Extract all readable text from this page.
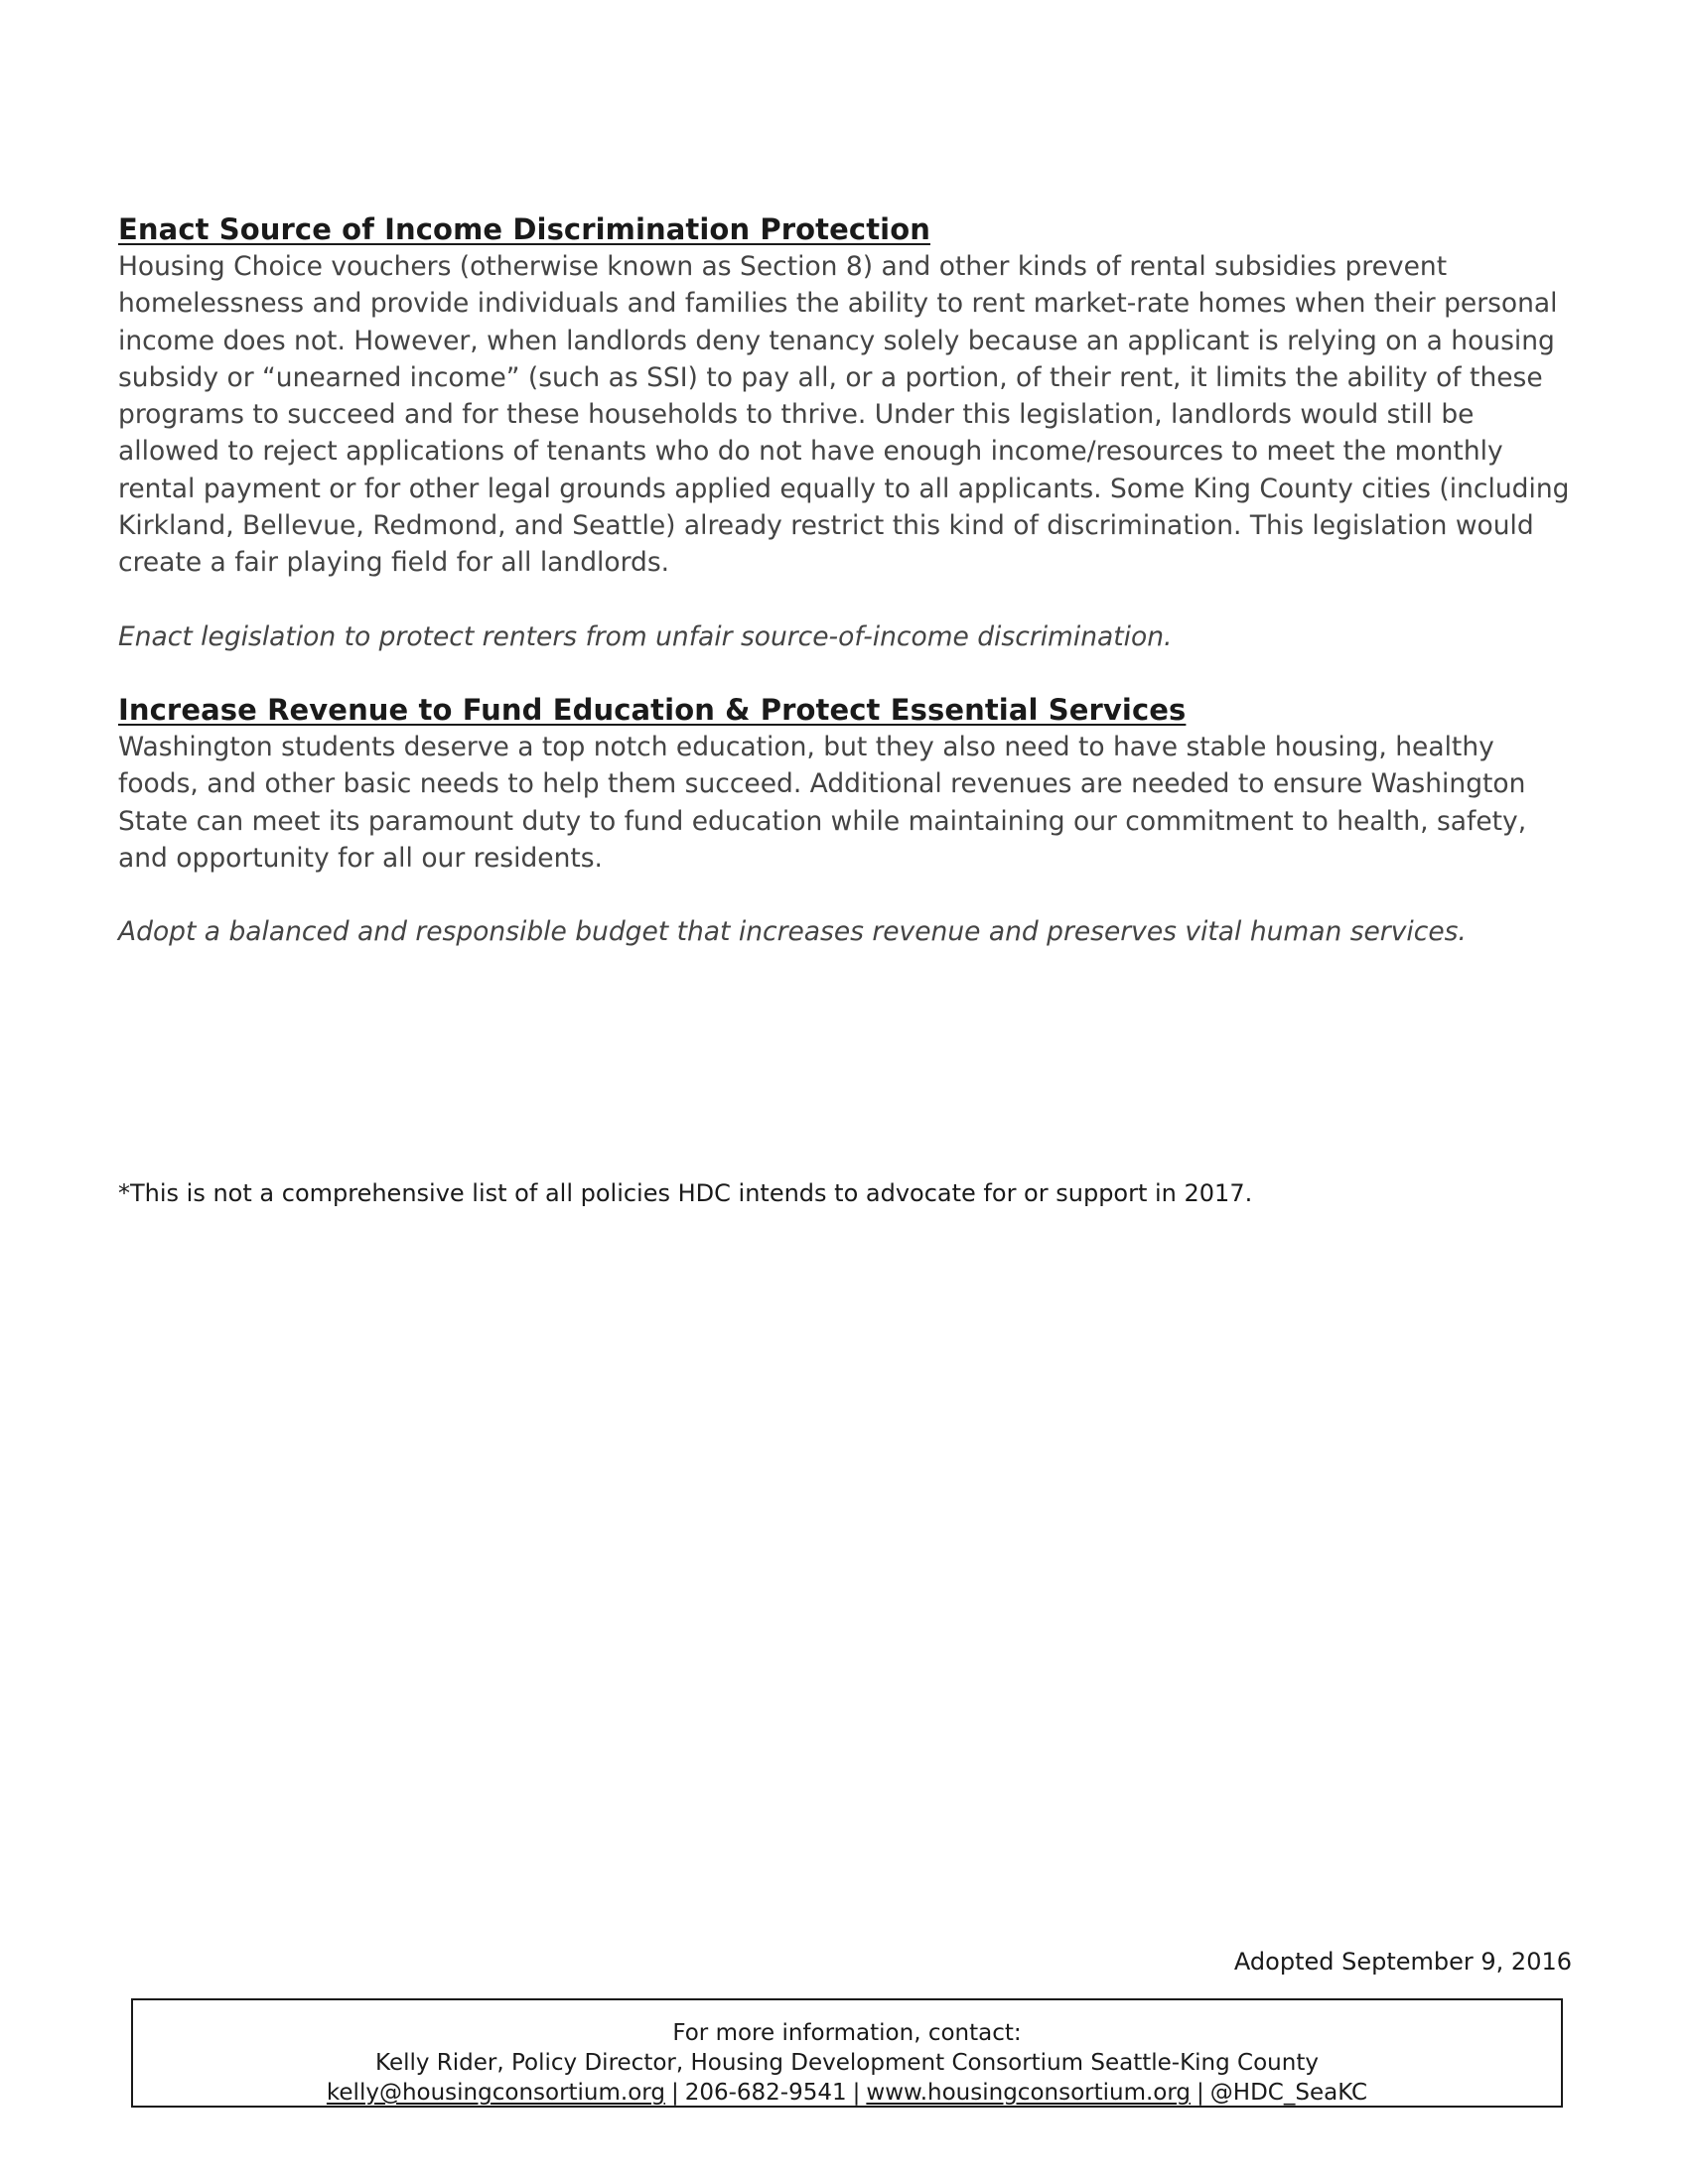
Enact Source of Income Discrimination Protection

Housing Choice vouchers (otherwise known as Section 8) and other kinds of rental subsidies prevent homelessness and provide individuals and families the ability to rent market-rate homes when their personal income does not. However, when landlords deny tenancy solely because an applicant is relying on a housing subsidy or “unearned income” (such as SSI) to pay all, or a portion, of their rent, it limits the ability of these programs to succeed and for these households to thrive. Under this legislation, landlords would still be allowed to reject applications of tenants who do not have enough income/resources to meet the monthly rental payment or for other legal grounds applied equally to all applicants. Some King County cities (including Kirkland, Bellevue, Redmond, and Seattle) already restrict this kind of discrimination. This legislation would create a fair playing field for all landlords.

Enact legislation to protect renters from unfair source-of-income discrimination.

Increase Revenue to Fund Education & Protect Essential Services

Washington students deserve a top notch education, but they also need to have stable housing, healthy foods, and other basic needs to help them succeed. Additional revenues are needed to ensure Washington State can meet its paramount duty to fund education while maintaining our commitment to health, safety, and opportunity for all our residents.

Adopt a balanced and responsible budget that increases revenue and preserves vital human services.

*This is not a comprehensive list of all policies HDC intends to advocate for or support in 2017.

Adopted September 9, 2016

For more information, contact:

Kelly Rider, Policy Director, Housing Development Consortium Seattle-King County

kelly@housingconsortium.org | 206-682-9541 | www.housingconsortium.org | @HDC_SeaKC
